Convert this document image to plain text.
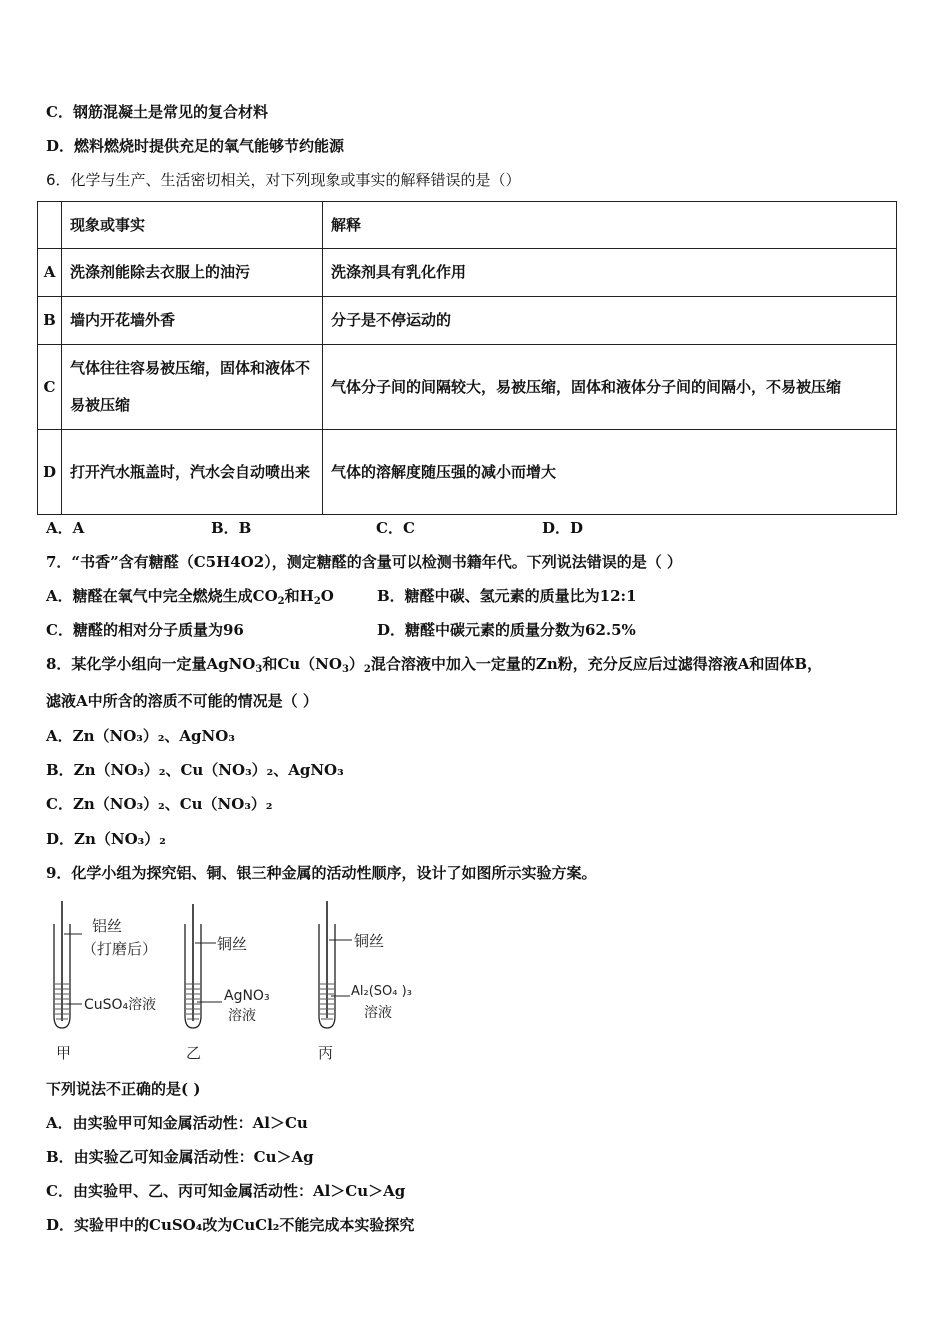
C．钢筋混凝土是常见的复合材料
D．燃料燃烧时提供充足的氧气能够节约能源
6．化学与生产、生活密切相关，对下列现象或事实的解释错误的是（）
	现象或事实	解释
A	洗涤剂能除去衣服上的油污	洗涤剂具有乳化作用
B	墙内开花墙外香	分子是不停运动的
C	气体往往容易被压缩，固体和液体不易被压缩	气体分子间的间隔较大，易被压缩，固体和液体分子间的间隔小，不易被压缩
D	打开汽水瓶盖时，汽水会自动喷出来	气体的溶解度随压强的减小而增大
A．A	B．B	C．C	D．D
7．“书香”含有糖醛（C5H4O2），测定糖醛的含量可以检测书籍年代。下列说法错误的是（ ）
A．糖醛在氧气中完全燃烧生成$CO_2$和$H_2O$	B．糖醛中碳、氢元素的质量比为12:1
C．糖醛的相对分子质量为96	D．糖醛中碳元素的质量分数为62.5%
8．某化学小组向一定量AgNO$_3$和$Cu(NO_3)_2$混合溶液中加入一定量的Zn粉，充分反应后过滤得溶液A和固体B，
滤液A中所含的溶质不可能的情况是（ ）
A．Zn（NO₃）₂、AgNO₃
B．Zn（NO₃）₂、Cu（NO₃）₂、AgNO₃
C．Zn（NO₃）₂、Cu（NO₃）₂
D．Zn（NO₃）₂
9．化学小组为探究铝、铜、银三种金属的活动性顺序，设计了如图所示实验方案。
铝丝
（打磨后）
CuSO₄溶液
甲
铜丝
AgNO₃
溶液
乙
铜丝
Al₂(SO₄ )₃
溶液
丙
下列说法不正确的是( )
A．由实验甲可知金属活动性：Al＞Cu
B．由实验乙可知金属活动性：Cu＞Ag
C．由实验甲、乙、丙可知金属活动性：Al＞Cu＞Ag
D．实验甲中的CuSO₄改为CuCl₂不能完成本实验探究
